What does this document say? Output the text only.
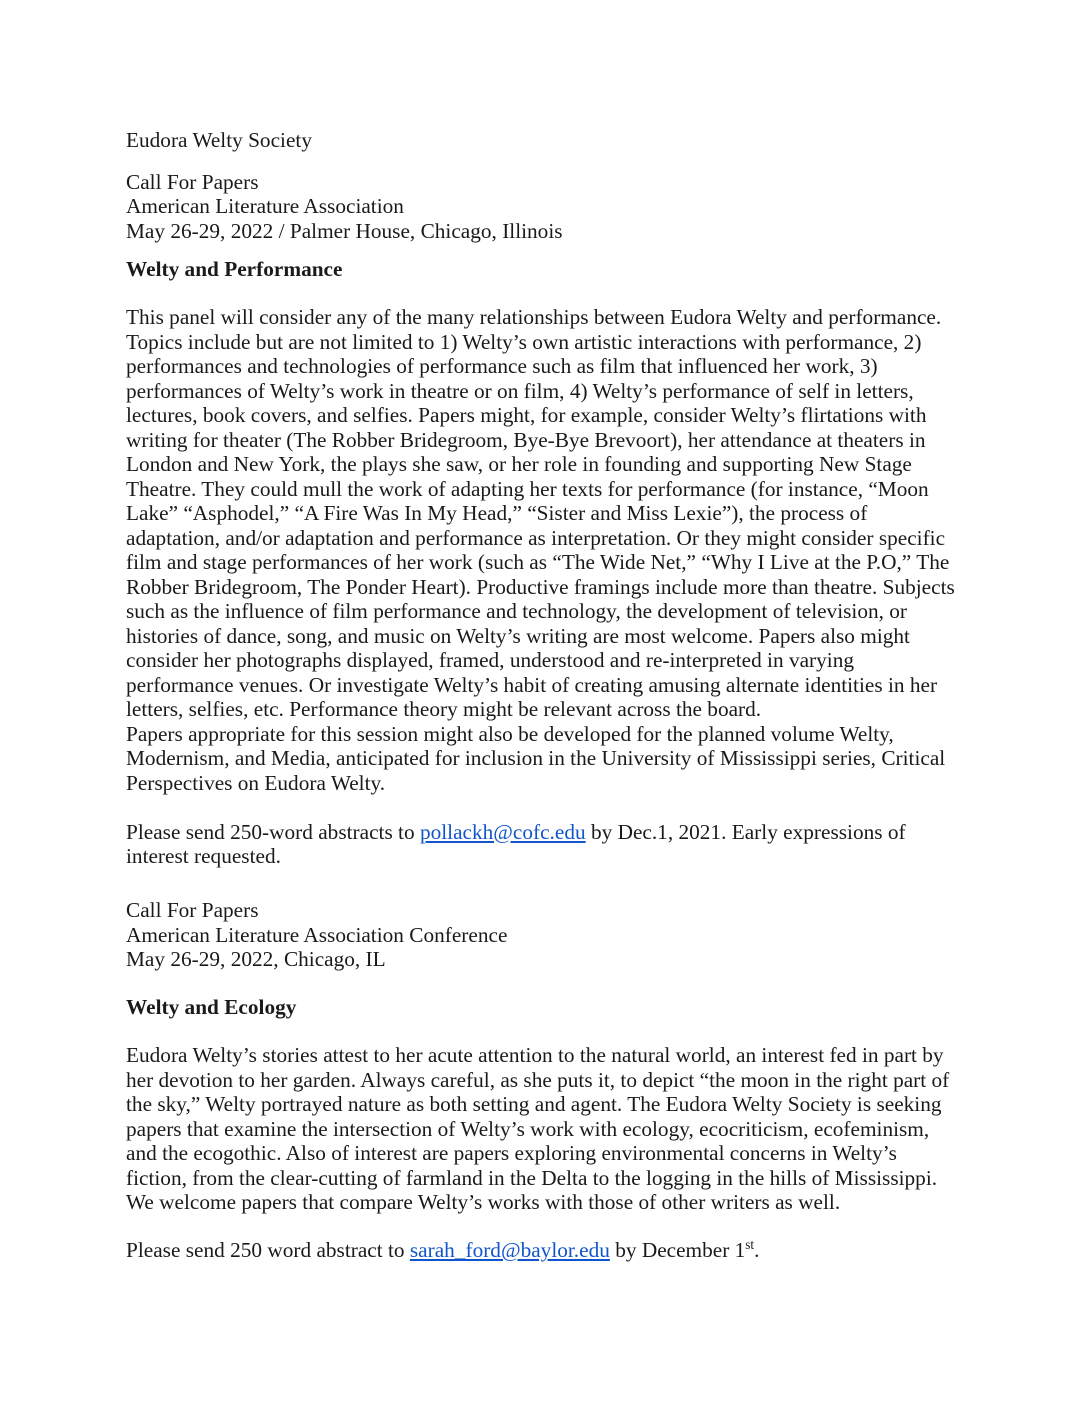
Eudora Welty Society

Call For Papers

American Literature Association

May 26-29, 2022 / Palmer House, Chicago, Illinois

Welty and Performance

This panel will consider any of the many relationships between Eudora Welty and performance. Topics include but are not limited to 1) Welty’s own artistic interactions with performance, 2) performances and technologies of performance such as film that influenced her work, 3) performances of Welty’s work in theatre or on film, 4) Welty’s performance of self in letters, lectures, book covers, and selfies. Papers might, for example, consider Welty’s flirtations with writing for theater (The Robber Bridegroom, Bye-Bye Brevoort), her attendance at theaters in London and New York, the plays she saw, or her role in founding and supporting New Stage Theatre. They could mull the work of adapting her texts for performance (for instance, “Moon Lake” “Asphodel,” “A Fire Was In My Head,” “Sister and Miss Lexie”), the process of adaptation, and/or adaptation and performance as interpretation. Or they might consider specific film and stage performances of her work (such as “The Wide Net,” “Why I Live at the P.O,” The Robber Bridegroom, The Ponder Heart). Productive framings include more than theatre. Subjects such as the influence of film performance and technology, the development of television, or histories of dance, song, and music on Welty’s writing are most welcome. Papers also might consider her photographs displayed, framed, understood and re-interpreted in varying performance venues. Or investigate Welty’s habit of creating amusing alternate identities in her letters, selfies, etc. Performance theory might be relevant across the board.

Papers appropriate for this session might also be developed for the planned volume Welty, Modernism, and Media, anticipated for inclusion in the University of Mississippi series, Critical Perspectives on Eudora Welty.

Please send 250-word abstracts to pollackh@cofc.edu by Dec.1, 2021. Early expressions of interest requested.

Call For Papers

American Literature Association Conference

May 26-29, 2022, Chicago, IL

Welty and Ecology

Eudora Welty’s stories attest to her acute attention to the natural world, an interest fed in part by her devotion to her garden. Always careful, as she puts it, to depict “the moon in the right part of the sky,” Welty portrayed nature as both setting and agent. The Eudora Welty Society is seeking papers that examine the intersection of Welty’s work with ecology, ecocriticism, ecofeminism, and the ecogothic. Also of interest are papers exploring environmental concerns in Welty’s fiction, from the clear-cutting of farmland in the Delta to the logging in the hills of Mississippi. We welcome papers that compare Welty’s works with those of other writers as well.

Please send 250 word abstract to sarah_ford@baylor.edu by December 1st.
